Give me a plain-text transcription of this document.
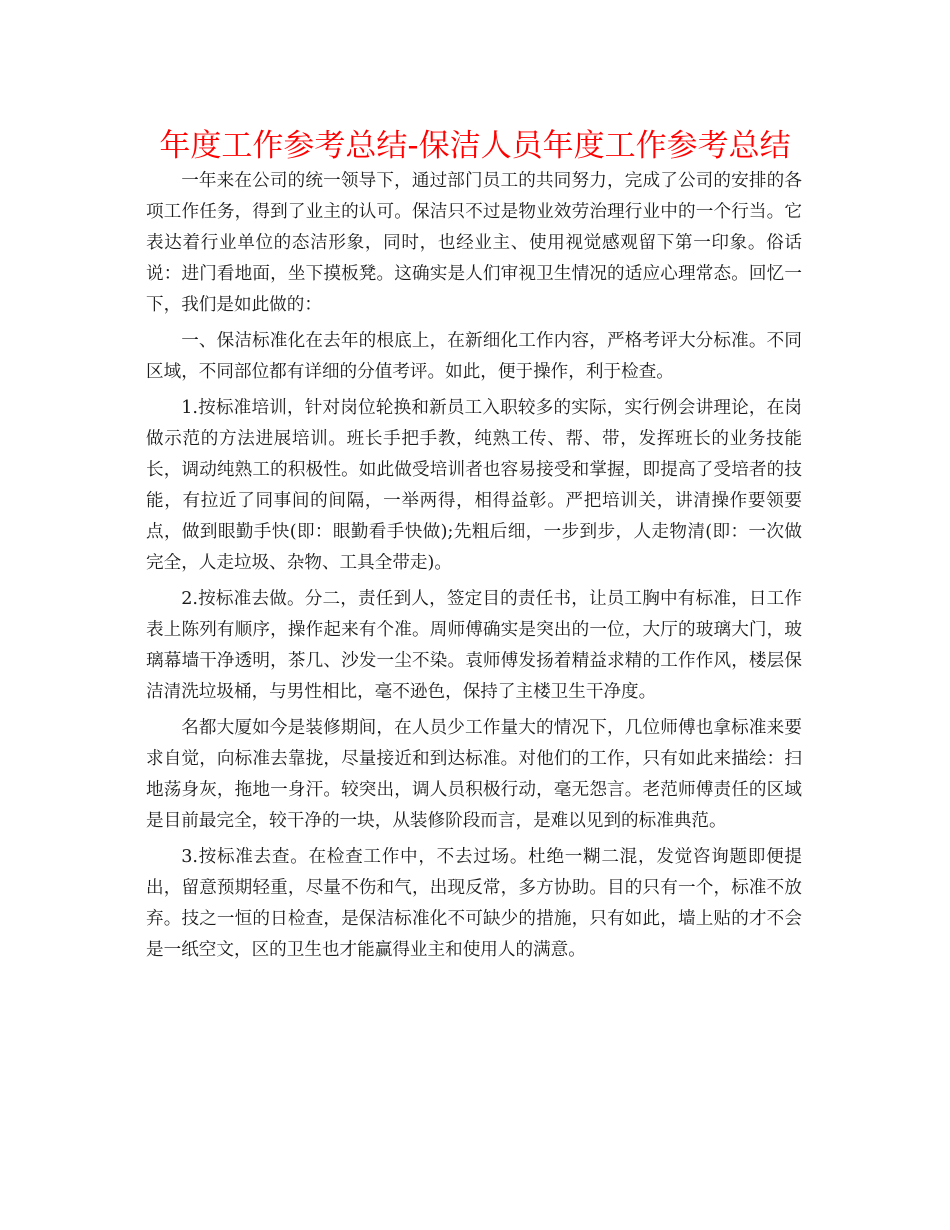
年度工作参考总结-保洁人员年度工作参考总结

一年来在公司的统一领导下，通过部门员工的共同努力，完成了公司的安排的各项工作任务，得到了业主的认可。保洁只不过是物业效劳治理行业中的一个行当。它表达着行业单位的态洁形象，同时，也经业主、使用视觉感观留下第一印象。俗话说：进门看地面，坐下摸板凳。这确实是人们审视卫生情况的适应心理常态。回忆一下，我们是如此做的：

一、保洁标准化在去年的根底上，在新细化工作内容，严格考评大分标准。不同区域，不同部位都有详细的分值考评。如此，便于操作，利于检查。

1.按标准培训，针对岗位轮换和新员工入职较多的实际，实行例会讲理论，在岗做示范的方法进展培训。班长手把手教，纯熟工传、帮、带，发挥班长的业务技能长，调动纯熟工的积极性。如此做受培训者也容易接受和掌握，即提高了受培者的技能，有拉近了同事间的间隔，一举两得，相得益彰。严把培训关，讲清操作要领要点，做到眼勤手快(即：眼勤看手快做);先粗后细，一步到步，人走物清(即：一次做完全，人走垃圾、杂物、工具全带走)。

2.按标准去做。分二，责任到人，签定目的责任书，让员工胸中有标准，日工作表上陈列有顺序，操作起来有个准。周师傅确实是突出的一位，大厅的玻璃大门，玻璃幕墙干净透明，茶几、沙发一尘不染。袁师傅发扬着精益求精的工作作风，楼层保洁清洗垃圾桶，与男性相比，毫不逊色，保持了主楼卫生干净度。

名都大厦如今是装修期间，在人员少工作量大的情况下，几位师傅也拿标准来要求自觉，向标准去靠拢，尽量接近和到达标准。对他们的工作，只有如此来描绘：扫地荡身灰，拖地一身汗。较突出，调人员积极行动，毫无怨言。老范师傅责任的区域是目前最完全，较干净的一块，从装修阶段而言，是难以见到的标准典范。

3.按标准去查。在检查工作中，不去过场。杜绝一糊二混，发觉咨询题即便提出，留意预期轻重，尽量不伤和气，出现反常，多方协助。目的只有一个，标准不放弃。技之一恒的日检查，是保洁标准化不可缺少的措施，只有如此，墙上贴的才不会是一纸空文，区的卫生也才能赢得业主和使用人的满意。
